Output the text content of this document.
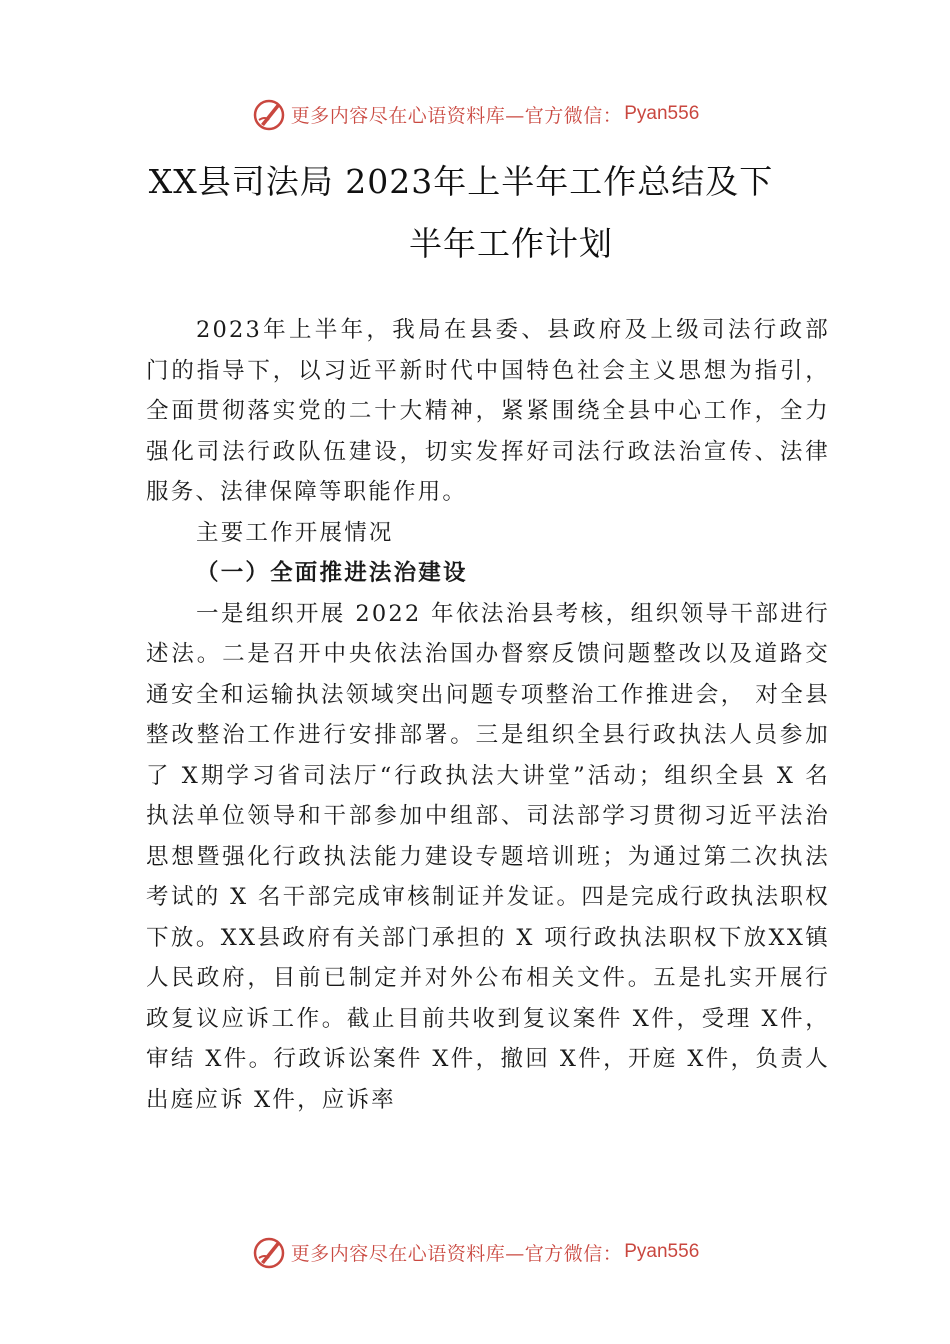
更多内容尽在心语资料库—官方微信： Pyan556
XX县司法局 2023年上半年工作总结及下
半年工作计划

2023年上半年，我局在县委、县政府及上级司法行政部门的指导下，以习近平新时代中国特色社会主义思想为指引， 全面贯彻落实党的二十大精神，紧紧围绕全县中心工作，全力强化司法行政队伍建设，切实发挥好司法行政法治宣传、法律服务、法律保障等职能作用。

主要工作开展情况

（一）全面推进法治建设

一是组织开展 2022 年依法治县考核，组织领导干部进行述法。二是召开中央依法治国办督察反馈问题整改以及道路交通安全和运输执法领域突出问题专项整治工作推进会， 对全县整改整治工作进行安排部署。三是组织全县行政执法人员参加了 X期学习省司法厅“行政执法大讲堂”活动；组织全县 X 名执法单位领导和干部参加中组部、司法部学习贯彻习近平法治思想暨强化行政执法能力建设专题培训班；为通过第二次执法考试的 X 名干部完成审核制证并发证。四是完成行政执法职权下放。XX县政府有关部门承担的 X 项行政执法职权下放XX镇人民政府，目前已制定并对外公布相关文件。五是扎实开展行政复议应诉工作。截止目前共收到复议案件 X件，受理 X件，审结 X件。行政诉讼案件 X件，撤回 X件，开庭 X件，负责人出庭应诉 X件，应诉率

更多内容尽在心语资料库—官方微信： Pyan556
